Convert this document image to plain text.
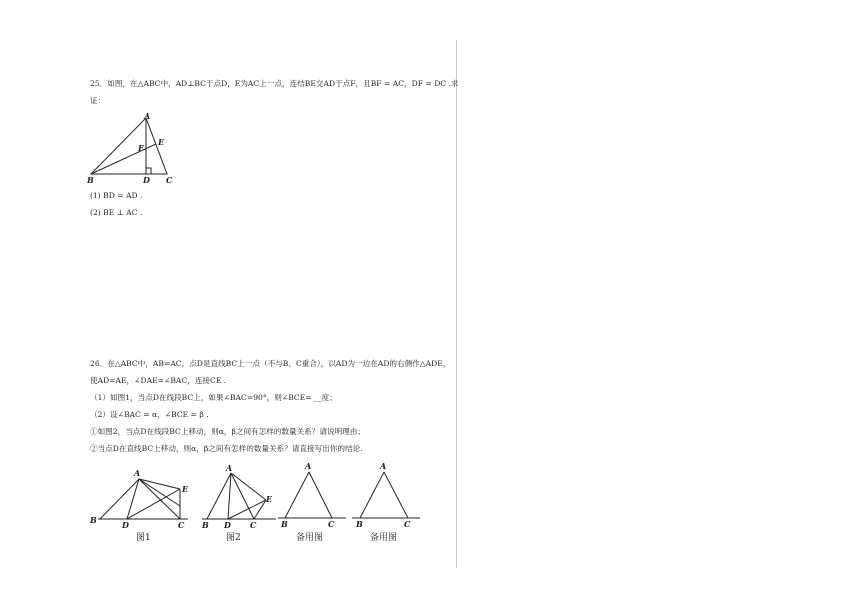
25．如图，在△ABC中，AD⊥BC于点D，E为AC上一点，连结BE交AD于点F，且BF = AC，DF = DC .求
证：
A
E
F
B	D C
(1) BD = AD .
(2) BE ⊥ AC .
26．在△ABC中，AB=AC，点D是直线BC上一点（不与B、C重合），以AD为一边在AD的右侧作△ADE，
使AD=AE，∠DAE=∠BAC，连接CE .
（1）如图1，当点D在线段BC上，如果∠BAC=90°，则∠BCE= __度；
（2）设∠BAC = α，∠BCE = β .
①如图2，当点D在线段BC上移动，则α，β之间有怎样的数量关系？请说明理由；
②当点D在直线BC上移动，则α，β之间有怎样的数量关系？请直接写出你的结论.
A
E
B	D	C
图1
A
E
B D C
图2
A
B	C
备用图
A
B	C
备用图
